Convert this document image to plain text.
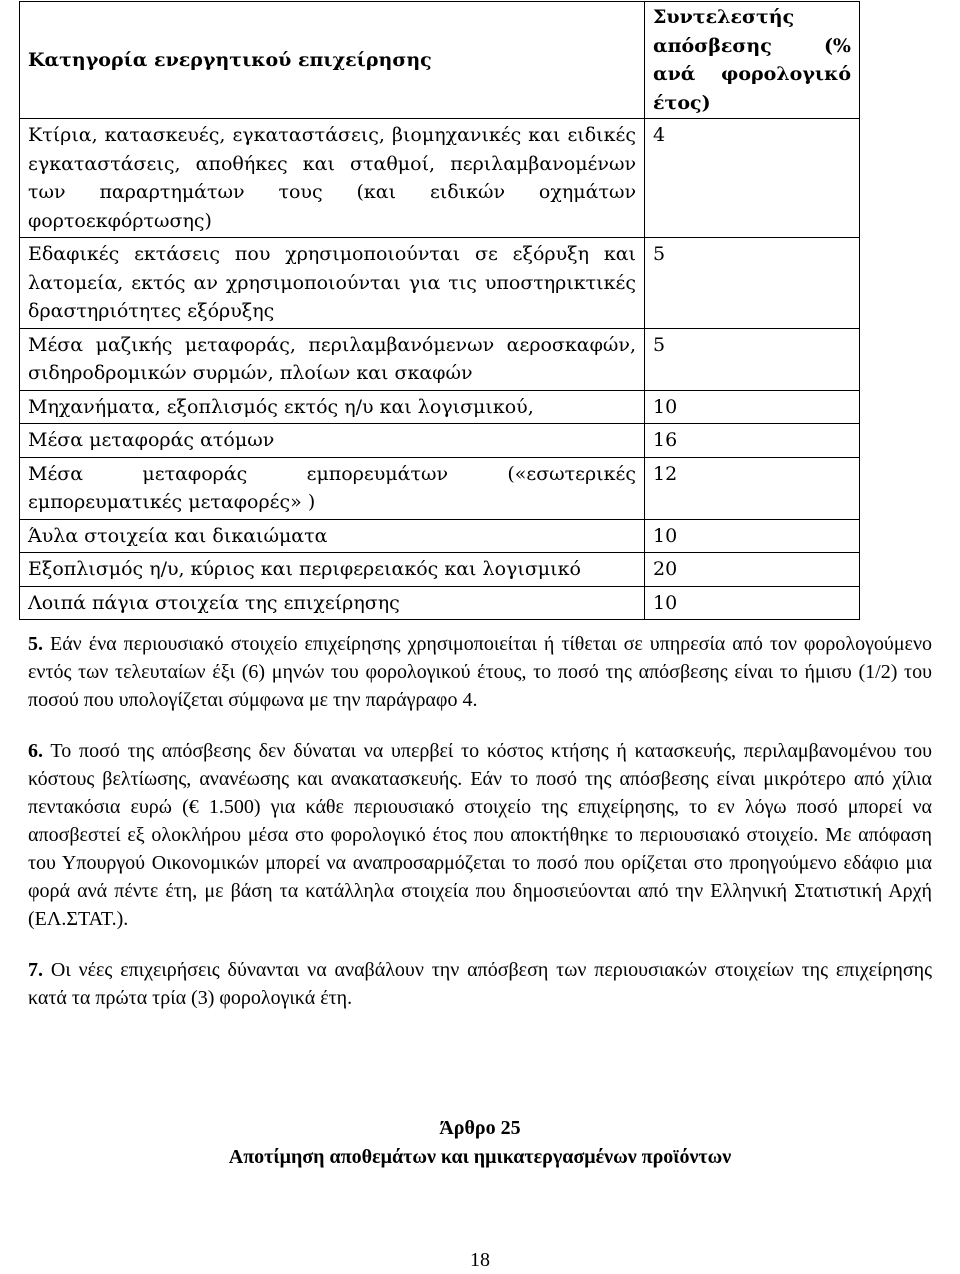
Κατηγορία ενεργητικού επιχείρησης	Συντελεστής απόσβεσης (% ανά φορολογικό έτος)
Κτίρια, κατασκευές, εγκαταστάσεις, βιομηχανικές και ειδικές εγκαταστάσεις, αποθήκες και σταθμοί, περιλαμβανομένων των παραρτημάτων τους (και ειδικών οχημάτων φορτοεκφόρτωσης)	4
Εδαφικές εκτάσεις που χρησιμοποιούνται σε εξόρυξη και λατομεία, εκτός αν χρησιμοποιούνται για τις υποστηρικτικές δραστηριότητες εξόρυξης	5
Μέσα μαζικής μεταφοράς, περιλαμβανόμενων αεροσκαφών, σιδηροδρομικών συρμών, πλοίων και σκαφών	5
Μηχανήματα, εξοπλισμός εκτός η/υ και λογισμικού,	10
Μέσα μεταφοράς ατόμων	16
Μέσα μεταφοράς εμπορευμάτων («εσωτερικές εμπορευματικές μεταφορές» )	12
Άυλα στοιχεία και δικαιώματα	10
Εξοπλισμός η/υ, κύριος και περιφερειακός και λογισμικό	20
Λοιπά πάγια στοιχεία της επιχείρησης	10

5. Εάν ένα περιουσιακό στοιχείο επιχείρησης χρησιμοποιείται ή τίθεται σε υπηρεσία από τον φορολογούμενο εντός των τελευταίων έξι (6) μηνών του φορολογικού έτους, το ποσό της απόσβεσης είναι το ήμισυ (1/2) του ποσού που υπολογίζεται σύμφωνα με την παράγραφο 4.

6. Το ποσό της απόσβεσης δεν δύναται να υπερβεί το κόστος κτήσης ή κατασκευής, περιλαμβανομένου του κόστους βελτίωσης, ανανέωσης και ανακατασκευής. Εάν το ποσό της απόσβεσης είναι μικρότερο από χίλια πεντακόσια ευρώ (€ 1.500) για κάθε περιουσιακό στοιχείο της επιχείρησης, το εν λόγω ποσό μπορεί να αποσβεστεί εξ ολοκλήρου μέσα στο φορολογικό έτος που αποκτήθηκε το περιουσιακό στοιχείο. Με απόφαση του Υπουργού Οικονομικών μπορεί να αναπροσαρμόζεται το ποσό που ορίζεται στο προηγούμενο εδάφιο μια φορά ανά πέντε έτη, με βάση τα κατάλληλα στοιχεία που δημοσιεύονται από την Ελληνική Στατιστική Αρχή (ΕΛ.ΣΤΑΤ.).

7. Οι νέες επιχειρήσεις δύνανται να αναβάλουν την απόσβεση των περιουσιακών στοιχείων της επιχείρησης κατά τα πρώτα τρία (3) φορολογικά έτη.

Άρθρο 25
Αποτίμηση αποθεμάτων και ημικατεργασμένων προϊόντων
18
